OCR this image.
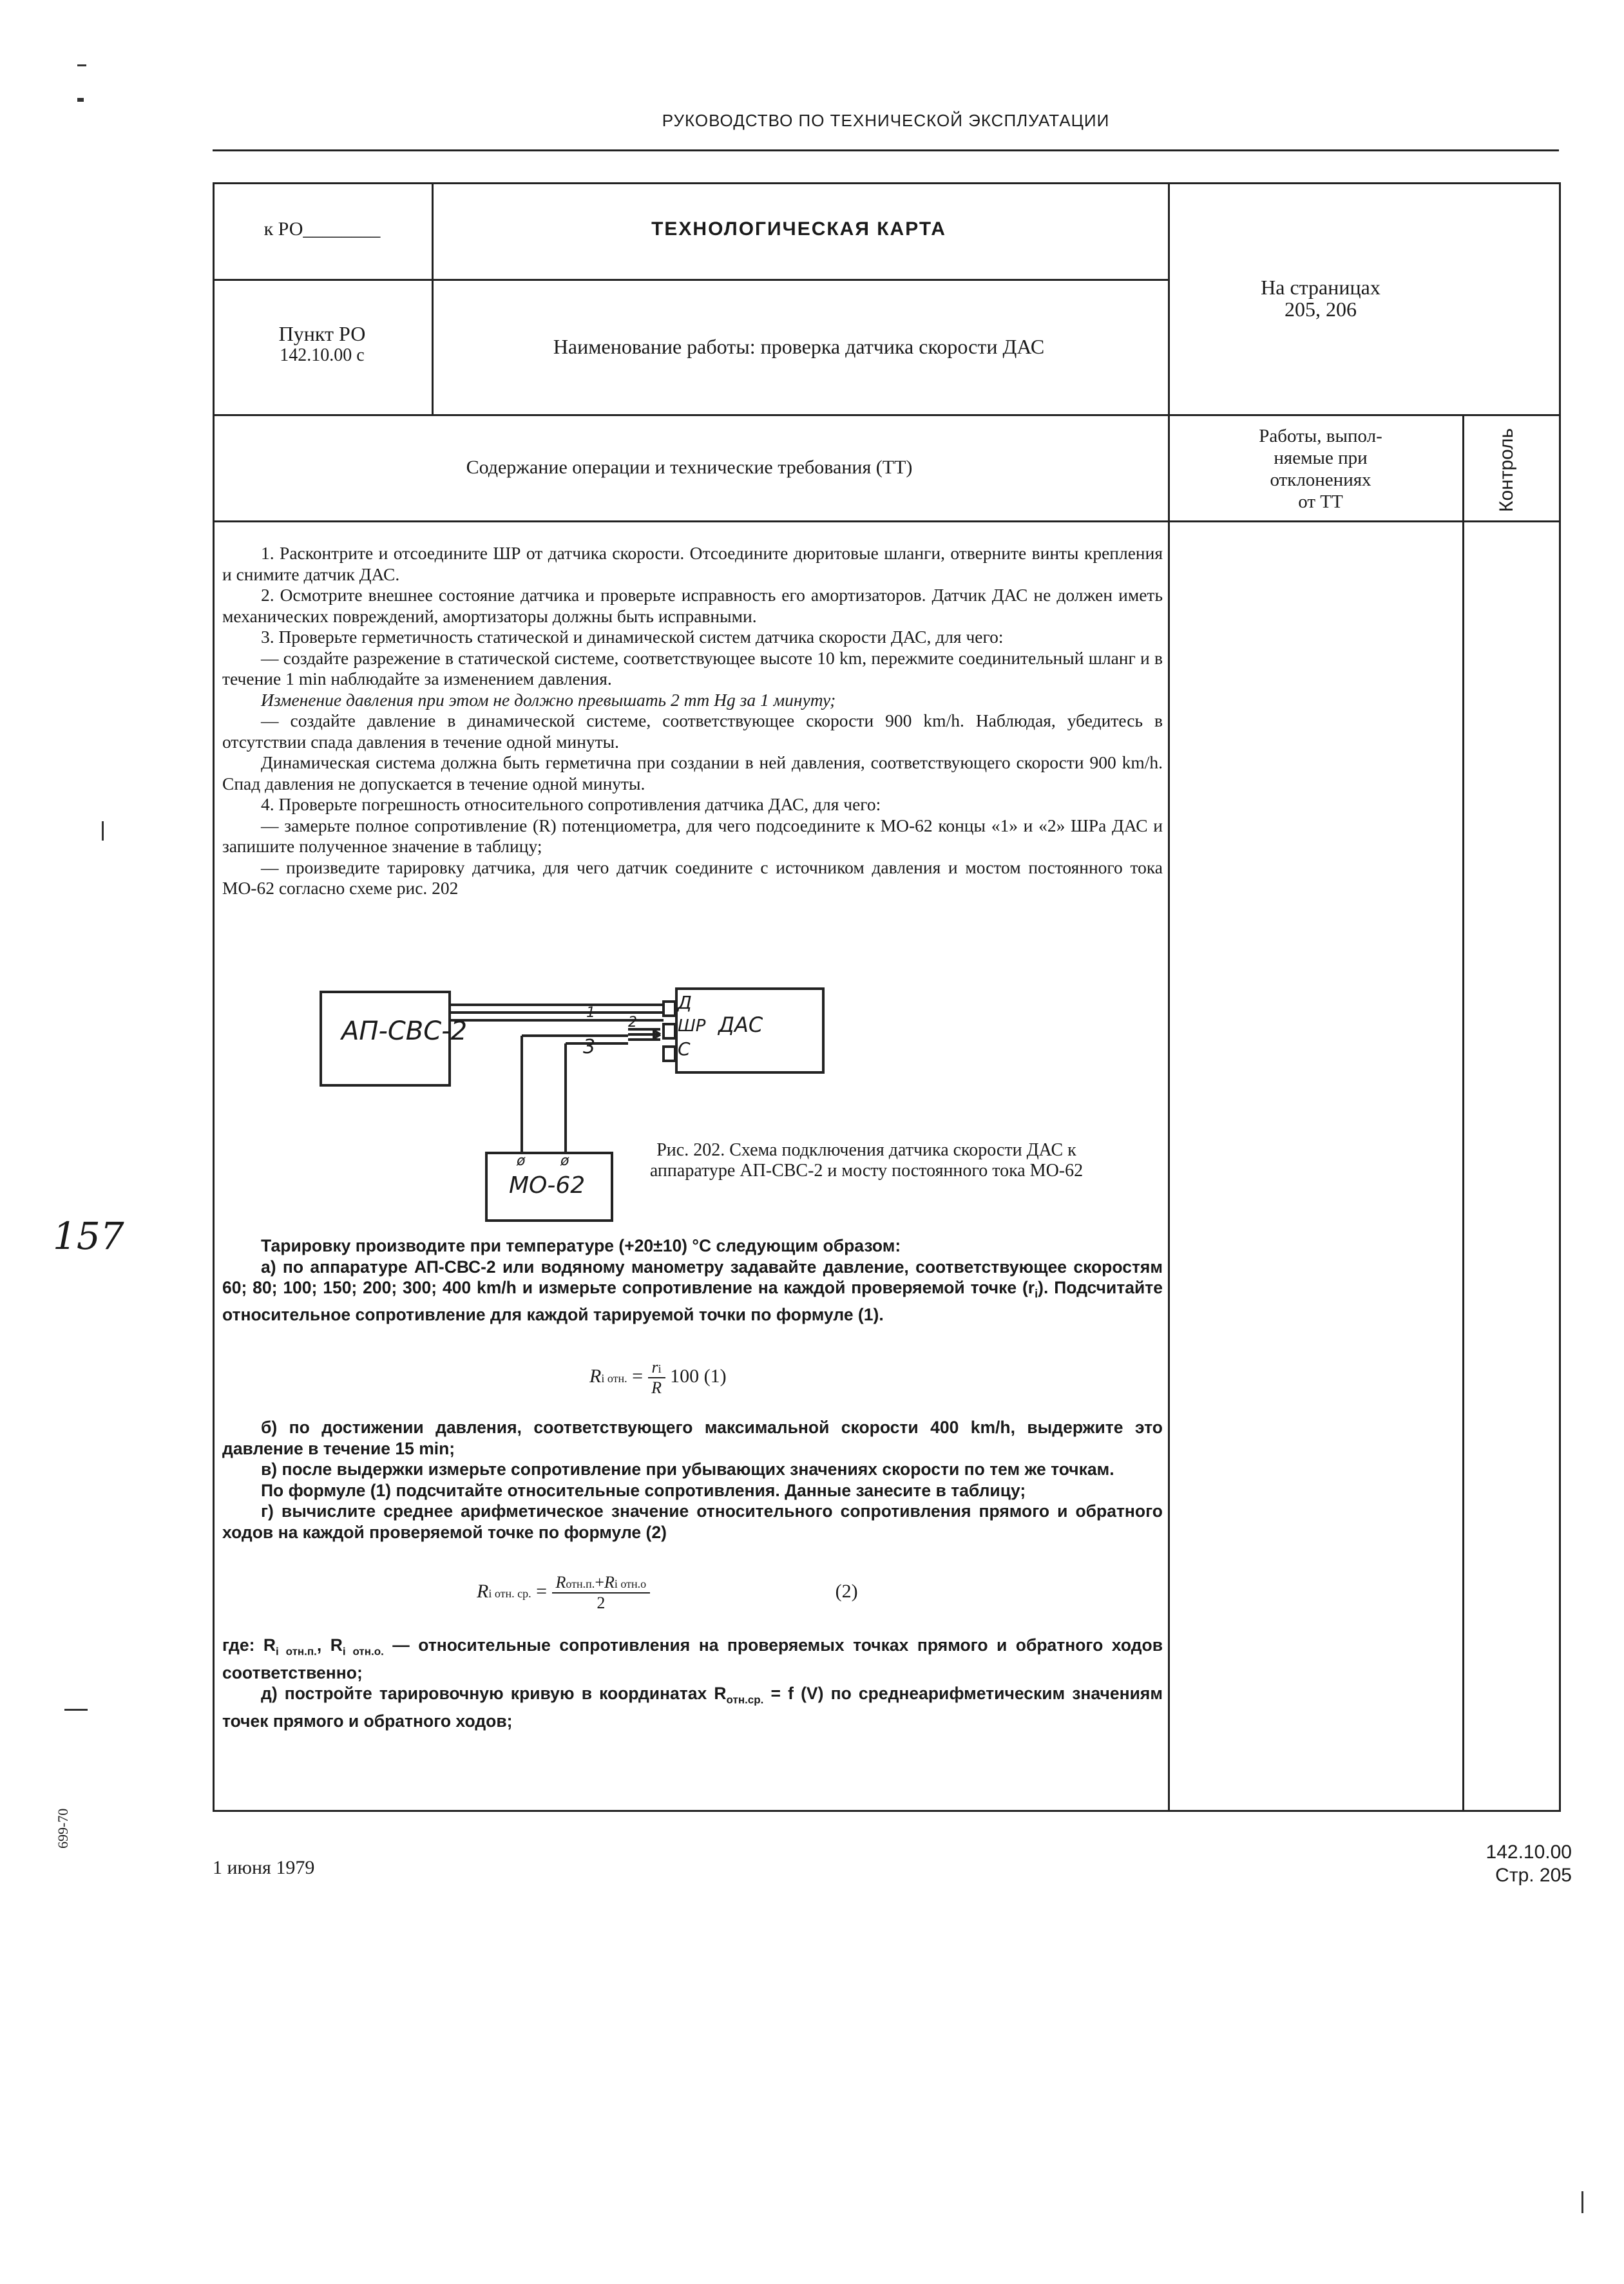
РУКОВОДСТВО ПО ТЕХНИЧЕСКОЙ ЭКСПЛУАТАЦИИ
к РО________	ТЕХНОЛОГИЧЕСКАЯ КАРТА
На страницах
205, 206
Пункт РО
142.10.00 с	Наименование работы: проверка датчика скорости ДАС
Содержание операции и технические требования (ТТ)
Работы, выпол-
няемые при
отклонениях
от ТТ	Контроль

1. Расконтрите и отсоедините ШР от датчика скорости. Отсоедините дюритовые шланги, отверните винты крепления и снимите датчик ДАС.

2. Осмотрите внешнее состояние датчика и проверьте исправность его амортизаторов. Датчик ДАС не должен иметь механических повреждений, амортизаторы должны быть исправными.

3. Проверьте герметичность статической и динамической систем датчика скорости ДАС, для чего:

— создайте разрежение в статической системе, соответствующее высоте 10 km, пережмите соединительный шланг и в течение 1 min наблюдайте за изменением давления.

Изменение давления при этом не должно превышать 2 mm Hg за 1 минуту;

— создайте давление в динамической системе, соответствующее скорости 900 km/h. Наблюдая, убедитесь в отсутствии спада давления в течение одной минуты.

Динамическая система должна быть герметична при создании в ней давления, соответствующего скорости 900 km/h. Спад давления не допускается в течение одной минуты.

4. Проверьте погрешность относительного сопротивления датчика ДАС, для чего:

— замерьте полное сопротивление (R) потенциометра, для чего подсоедините к МО-62 концы «1» и «2» ШРа ДАС и запишите полученное значение в таблицу;

— произведите тарировку датчика, для чего датчик соедините с источником давления и мостом постоянного тока МО-62 согласно схеме рис. 202

АП-СВС-2	ДАС
МО-62
Д
ШР
С
1
2
3
ø ø
Рис. 202. Схема подключения датчика скорости ДАС к аппаратуре АП-СВС-2 и мосту постоянного тока МО-62

Тарировку производите при температуре (+20±10) °С следующим образом:

а) по аппаратуре АП-СВС-2 или водяному манометру задавайте давление, соответствующее скоростям 60; 80; 100; 150; 200; 300; 400 km/h и измерьте сопротивление на каждой проверяемой точке $(r_i)$. Подсчитайте относительное сопротивление для каждой тарируемой точки по формуле (1).

Ri отн. = $\frac{ri}{R} 100$ (1)

б) по достижении давления, соответствующего максимальной скорости 400 km/h, выдержите это давление в течение 15 min;

в) после выдержки измерьте сопротивление при убывающих значениях скорости по тем же точкам.

По формуле (1) подсчитайте относительные сопротивления. Данные занесите в таблицу;

г) вычислите среднее арифметическое значение относительного сопротивления прямого и обратного ходов на каждой проверяемой точке по формуле (2)

Ri отн. ср. = $\frac{\text{Rотн.п.+Ri отн.о}}{2}$	(2)

где: $R_{i отн.п.}$, $R_{i отн.о.}$ — относительные сопротивления на проверяемых точках прямого и обратного ходов соответственно;

д) постройте тарировочную кривую в координатах $R_{отн.ср.} = f$ (V) по среднеарифметическим значениям точек прямого и обратного ходов;

1 июня 1979
142.10.00
Стр. 205
699-70
157
